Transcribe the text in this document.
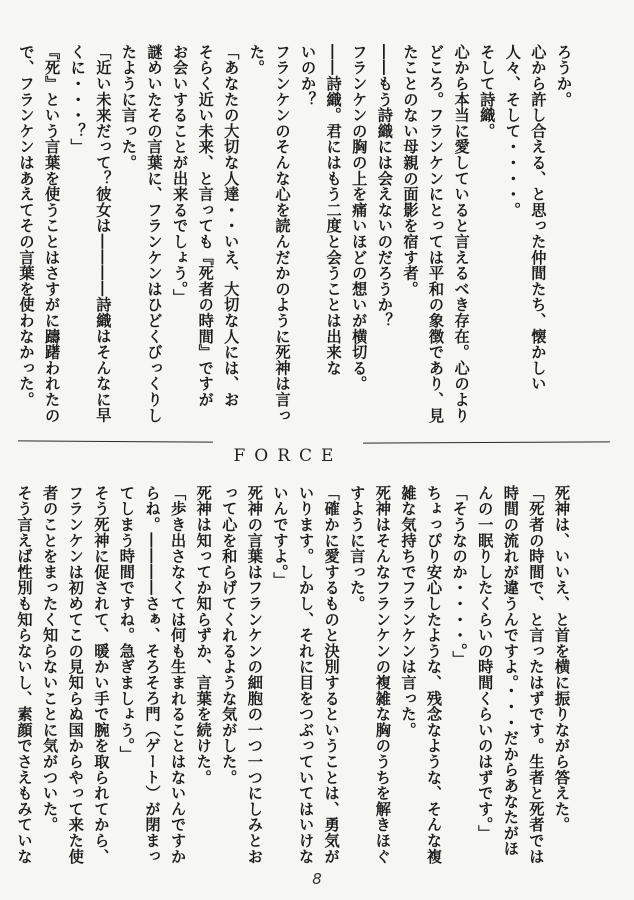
ろうか。
心から許し合える、と思った仲間たち、懐かしい
人々、そして・・・・。
そして詩織。
心から本当に愛していると言えるべき存在。心のより
どころ。フランケンにとっては平和の象徴であり、見
たことのない母親の面影を宿す者。
――もう詩織には会えないのだろうか？
フランケンの胸の上を痛いほどの想いが横切る。
――詩織。君にはもう二度と会うことは出来な
いのか？
フランケンのそんな心を読んだかのように死神は言っ
た。
「あなたの大切な人達・・いえ、大切な人には、お
そらく近い未来、と言っても『死者の時間』ですが
お会いすることが出来るでしょう。」
謎めいたその言葉に、フランケンはひどくびっくりし
たように言った。
「近い未来だって？彼女は――――詩織はそんなに早
くに・・・？」
『死』という言葉を使うことはさすがに躊躇われたの
で、フランケンはあえてその言葉を使わなかった。
FORCE
死神は、いいえ、と首を横に振りながら答えた。
「死者の時間で、と言ったはずです。生者と死者では
時間の流れが違うんですよ。・・・だからあなたがほ
んの一眠りしたくらいの時間くらいのはずです。」
「そうなのか・・・・。」
ちょっぴり安心したような、残念なような、そんな複
雑な気持ちでフランケンは言った。
死神はそんなフランケンの複雑な胸のうちを解きほぐ
すように言った。
「確かに愛するものと決別するということは、勇気が
いります。しかし、それに目をつぶっていてはいけな
いんですよ。」
死神の言葉はフランケンの細胞の一つ一つにしみとお
って心を和らげてくれるような気がした。
死神は知ってか知らずか、言葉を続けた。
「歩き出さなくては何も生まれることはないんですか
らね。――――さぁ、そろそろ門（ゲート）が閉まっ
てしまう時間ですね。急ぎましょう。」
そう死神に促されて、暖かい手で腕を取られてから、
フランケンは初めてこの見知らぬ国からやって来た使
者のことをまったく知らないことに気がついた。
そう言えば性別も知らないし、素顔でさえもみていな
8
